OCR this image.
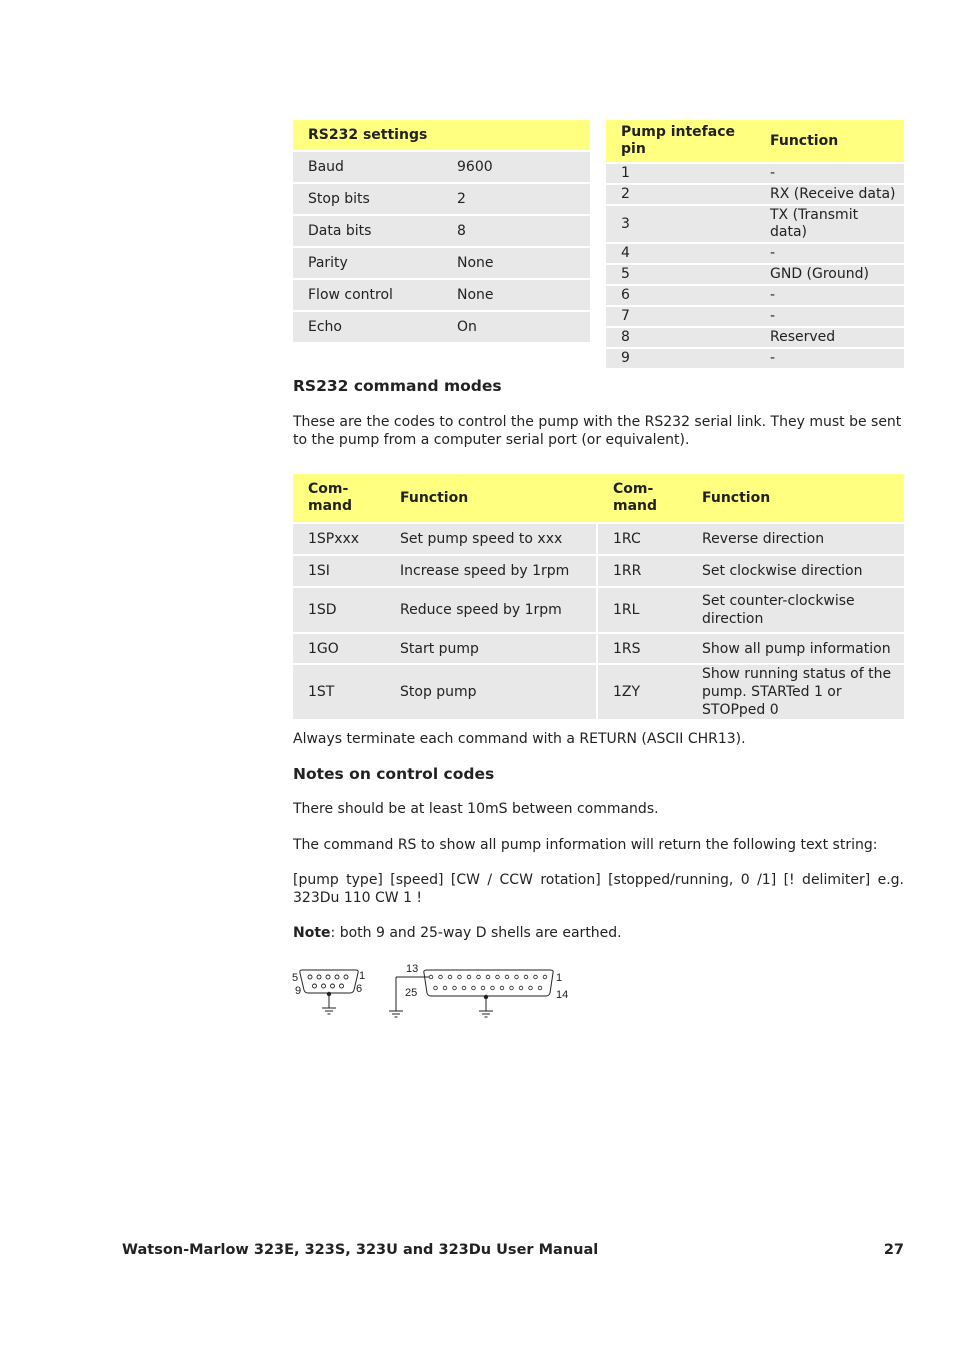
RS232 settings	
Baud	9600
Stop bits	2
Data bits	8
Parity	None
Flow control	None
Echo	On
Pump inteface pin	Function
1	-
2	RX (Receive data)
3	TX (Transmit data)
4	-
5	GND (Ground)
6	-
7	-
8	Reserved
9	-
RS232 command modes
These are the codes to control the pump with the RS232 serial link. They must be sent to the pump from a computer serial port (or equivalent).
Com-mand	Function	Com-mand	Function
1SPxxx	Set pump speed to xxx	1RC	Reverse direction
1SI	Increase speed by 1rpm	1RR	Set clockwise direction
1SD	Reduce speed by 1rpm	1RL	Set counter-clockwise direction
1GO	Start pump	1RS	Show all pump information
1ST	Stop pump	1ZY	Show running status of the pump. STARTed 1 or STOPped 0
Always terminate each command with a RETURN (ASCII CHR13).
Notes on control codes
There should be at least 10mS between commands.
The command RS to show all pump information will return the following text string:
[pump type] [speed] [CW / CCW rotation] [stopped/running, 0 /1] [! delimiter] e.g. 323Du 110 CW 1 !
Note: both 9 and 25-way D shells are earthed.
5
9
1
6
13
25
1
14
Watson-Marlow 323E, 323S, 323U and 323Du User Manual	27
